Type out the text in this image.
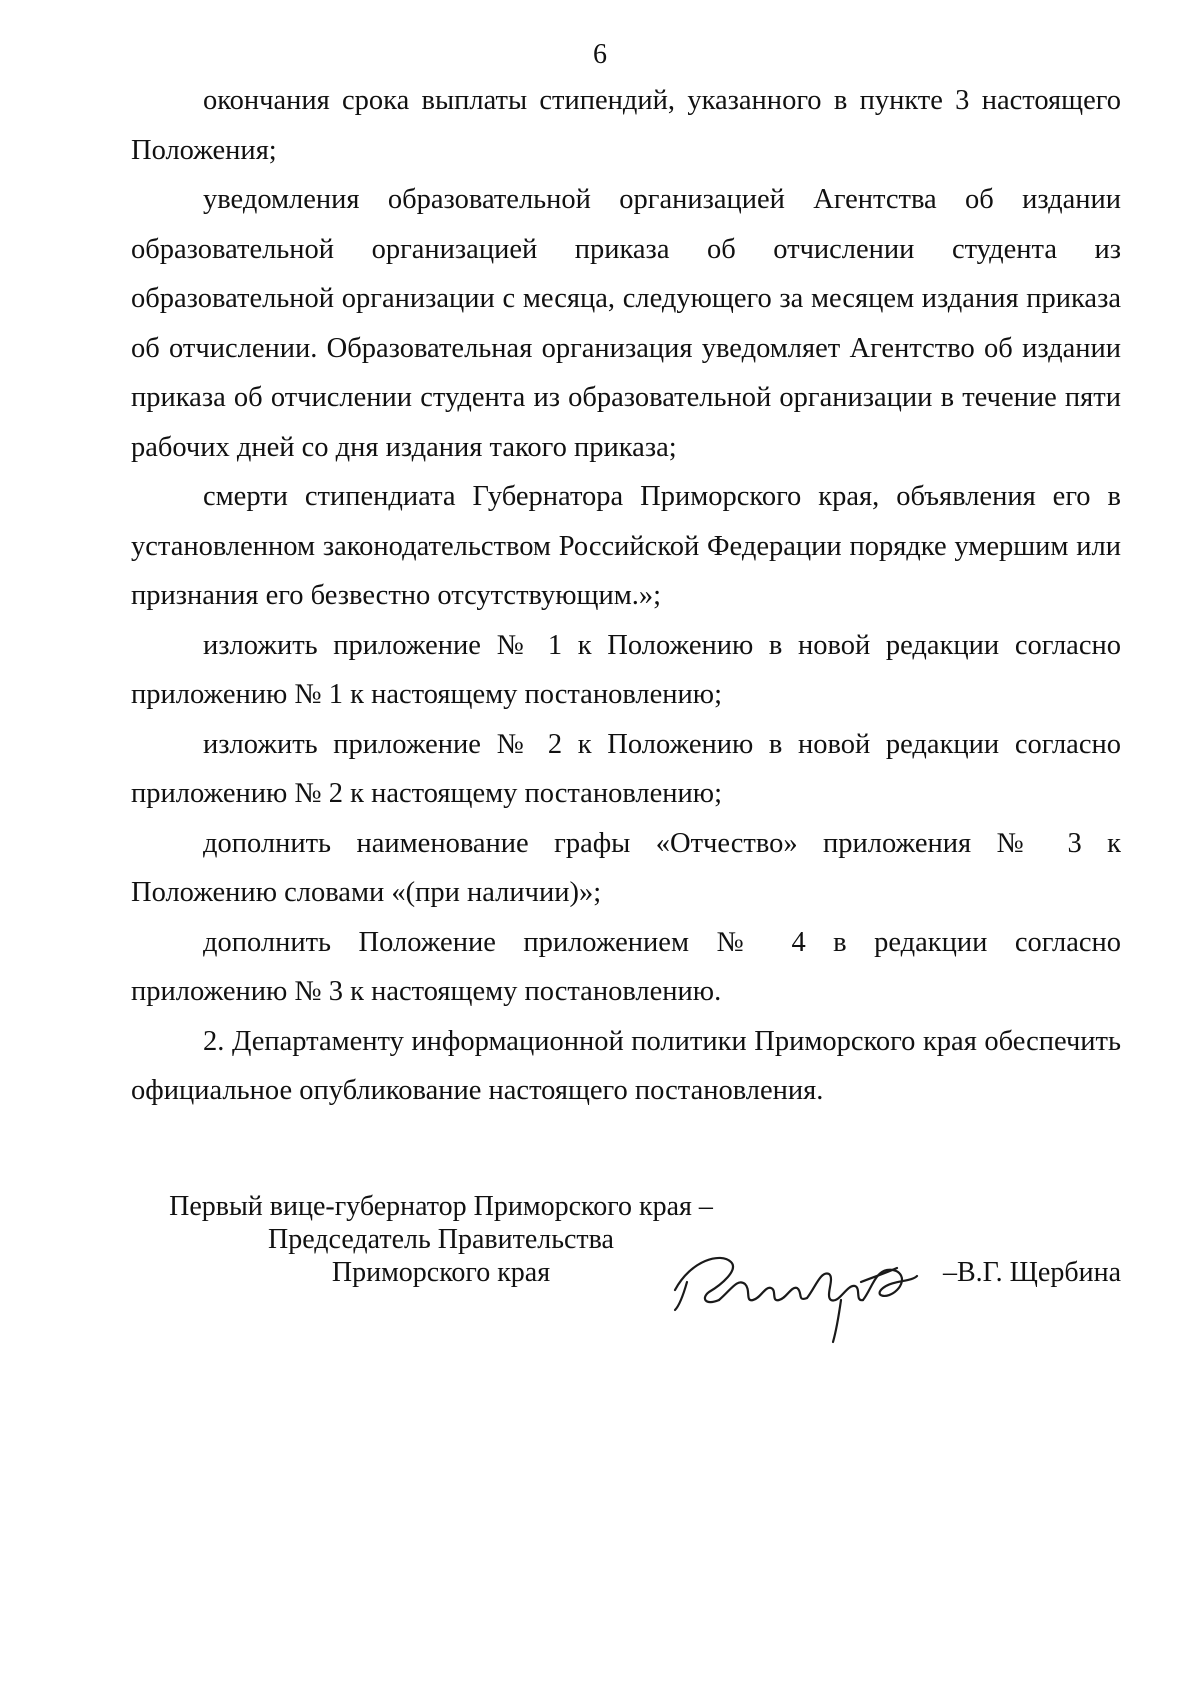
6

окончания срока выплаты стипендий, указанного в пункте 3 настоящего Положения;

уведомления образовательной организацией Агентства об издании образовательной организацией приказа об отчислении студента из образовательной организации с месяца, следующего за месяцем издания приказа об отчислении. Образовательная организация уведомляет Агентство об издании приказа об отчислении студента из образовательной организации в течение пяти рабочих дней со дня издания такого приказа;

смерти стипендиата Губернатора Приморского края, объявления его в установленном законодательством Российской Федерации порядке умершим или признания его безвестно отсутствующим.»;

изложить приложение № 1 к Положению в новой редакции согласно приложению № 1 к настоящему постановлению;

изложить приложение № 2 к Положению в новой редакции согласно приложению № 2 к настоящему постановлению;

дополнить наименование графы «Отчество» приложения № 3 к Положению словами «(при наличии)»;

дополнить Положение приложением № 4 в редакции согласно приложению № 3 к настоящему постановлению.

2. Департаменту информационной политики Приморского края обеспечить официальное опубликование настоящего постановления.

Первый вице-губернатор Приморского края –
Председатель Правительства
Приморского края	–В.Г. Щербина
